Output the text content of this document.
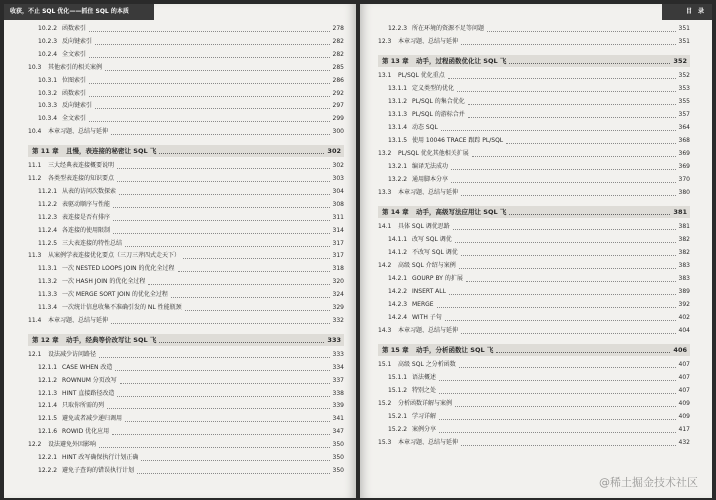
收获，不止 SQL 优化——抓住 SQL 的本质
10.2.2 函数索引	278
10.2.3 反向键索引	282
10.2.4 全文索引	282
10.3 其他索引的相关案例	285
10.3.1 位图索引	286
10.3.2 函数索引	292
10.3.3 反向键索引	297
10.3.4 全文索引	299
10.4 本章习题、总结与延伸	300
第 11 章 且慢，表连接的秘密让 SQL 飞	302
11.1 三大经典表连接概要说明	302
11.2 各类型表连接的知识要点	303
11.2.1 从表的访问次数探索	304
11.2.2 表驱动顺序与性能	308
11.2.3 表连接是否有排序	311
11.2.4 各连接的使用限制	314
11.2.5 三大表连接的特性总结	317
11.3 从案例学表连接优化要点（三刀三斧四式走天下）	317
11.3.1 一次 NESTED LOOPS JOIN 的优化全过程	318
11.3.2 一次 HASH JOIN 的优化全过程	320
11.3.3 一次 MERGE SORT JOIN 的优化全过程	324
11.3.4 一次统计信息收集不准确引发的 NL 性能瓶颈	329
11.4 本章习题、总结与延伸	332
第 12 章 动手，经典等价改写让 SQL 飞	333
12.1 设法减少访问路径	333
12.1.1 CASE WHEN 改造	334
12.1.2 ROWNUM 分页改写	337
12.1.3 HINT 直接路径改造	338
12.1.4 只取你所需的列	339
12.1.5 避免或者减少递归调用	341
12.1.6 ROWID 优化应用	347
12.2 设法避免外因影响	350
12.2.1 HINT 改写确保执行计划正确	350
12.2.2 避免子查询的错误执行计划	350
目　录
12.2.3 所在环境的资源不足等问题	351
12.3 本章习题、总结与延伸	351
第 13 章 动手，过程函数优化让 SQL 飞	352
13.1 PL/SQL 优化重点	352
13.1.1 定义类型的优化	353
13.1.2 PL/SQL 的集合优化	355
13.1.3 PL/SQL 的游标合并	357
13.1.4 动态 SQL	364
13.1.5 使用 10046 TRACE 跟踪 PL/SQL	368
13.2 PL/SQL 优化其他相关扩展	369
13.2.1 编译无法成功	369
13.2.2 通用脚本分享	370
13.3 本章习题、总结与延伸	380
第 14 章 动手，高级写法应用让 SQL 飞	381
14.1 具体 SQL 调优思路	381
14.1.1 改写 SQL 调优	382
14.1.2 不改写 SQL 调优	382
14.2 高级 SQL 介绍与案例	383
14.2.1 GOURP BY 的扩展	383
14.2.2 INSERT ALL	389
14.2.3 MERGE	392
14.2.4 WITH 子句	402
14.3 本章习题、总结与延伸	404
第 15 章 动手，分析函数让 SQL 飞	406
15.1 高级 SQL 之分析函数	407
15.1.1 语法概述	407
15.1.2 特别之处	407
15.2 分析函数详解与案例	409
15.2.1 学习详解	409
15.2.2 案例分享	417
15.3 本章习题、总结与延伸	432
@稀土掘金技术社区
